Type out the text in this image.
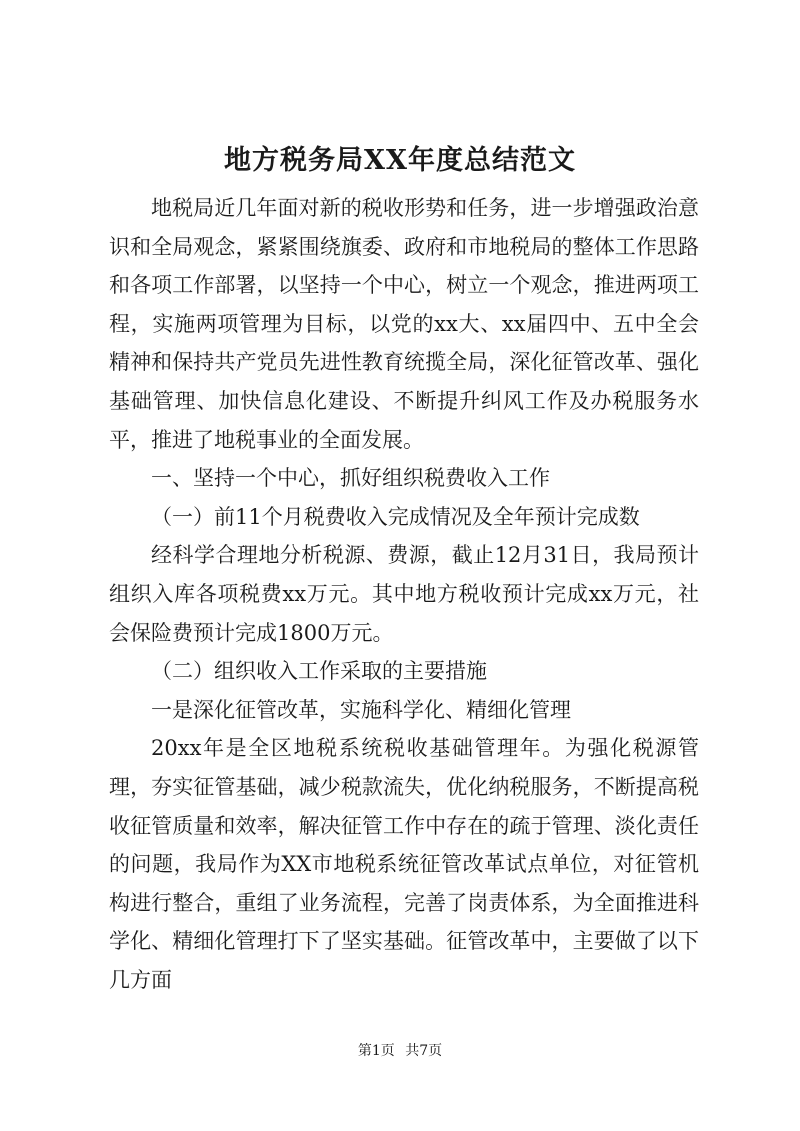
地方税务局XX年度总结范文

地税局近几年面对新的税收形势和任务，进一步增强政治意识和全局观念，紧紧围绕旗委、政府和市地税局的整体工作思路和各项工作部署，以坚持一个中心，树立一个观念，推进两项工程，实施两项管理为目标，以党的xx大、xx届四中、五中全会精神和保持共产党员先进性教育统揽全局，深化征管改革、强化基础管理、加快信息化建设、不断提升纠风工作及办税服务水平，推进了地税事业的全面发展。

一、坚持一个中心，抓好组织税费收入工作

（一）前11个月税费收入完成情况及全年预计完成数

经科学合理地分析税源、费源，截止12月31日，我局预计组织入库各项税费xx万元。其中地方税收预计完成xx万元，社会保险费预计完成1800万元。

（二）组织收入工作采取的主要措施

一是深化征管改革，实施科学化、精细化管理

20xx年是全区地税系统税收基础管理年。为强化税源管理，夯实征管基础，减少税款流失，优化纳税服务，不断提高税收征管质量和效率，解决征管工作中存在的疏于管理、淡化责任的问题，我局作为XX市地税系统征管改革试点单位，对征管机构进行整合，重组了业务流程，完善了岗责体系，为全面推进科学化、精细化管理打下了坚实基础。征管改革中，主要做了以下几方面

第1页 共7页
